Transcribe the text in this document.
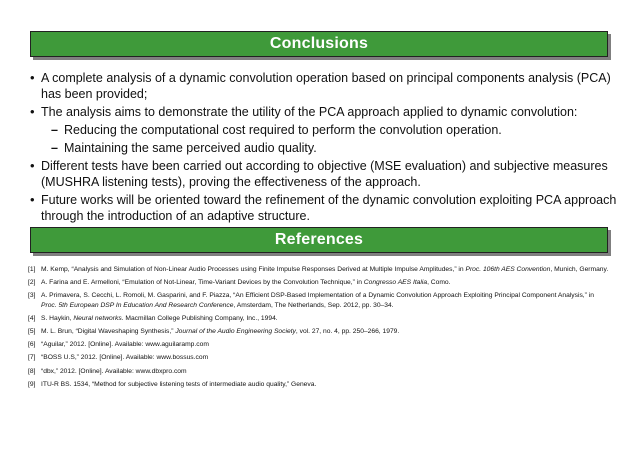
Conclusions
• A complete analysis of a dynamic convolution operation based on principal components analysis (PCA) has been provided;
• The analysis aims to demonstrate the utility of the PCA approach applied to dynamic convolution:
– Reducing the computational cost required to perform the convolution operation.
– Maintaining the same perceived audio quality.
• Different tests have been carried out according to objective (MSE evaluation) and subjective measures (MUSHRA listening tests), proving the effectiveness of the approach.
• Future works will be oriented toward the refinement of the dynamic convolution exploiting PCA approach through the introduction of an adaptive structure.
References
[1] M. Kemp, “Analysis and Simulation of Non-Linear Audio Processes using Finite Impulse Responses Derived at Multiple Impulse Amplitudes,” in Proc. 106th AES Convention, Munich, Germany.
[2] A. Farina and E. Armelloni, “Emulation of Not-Linear, Time-Variant Devices by the Convolution Technique,” in Congresso AES Italia, Como.
[3] A. Primavera, S. Cecchi, L. Romoli, M. Gasparini, and F. Piazza, “An Efficient DSP-Based Implementation of a Dynamic Convolution Approach Exploiting Principal Component Analysis,” in Proc. 5th European DSP In Education And Research Conference, Amsterdam, The Netherlands, Sep. 2012, pp. 30–34.
[4] S. Haykin, Neural networks. Macmillan College Publishing Company, Inc., 1994.
[5] M. L. Brun, “Digital Waveshaping Synthesis,” Journal of the Audio Engineering Society, vol. 27, no. 4, pp. 250–266, 1979.
[6] “Aguilar,” 2012. [Online]. Available: www.aguilaramp.com
[7] “BOSS U.S,” 2012. [Online]. Available: www.bossus.com
[8] “dbx,” 2012. [Online]. Available: www.dbxpro.com
[9] ITU-R BS. 1534, “Method for subjective listening tests of intermediate audio quality,” Geneva.
